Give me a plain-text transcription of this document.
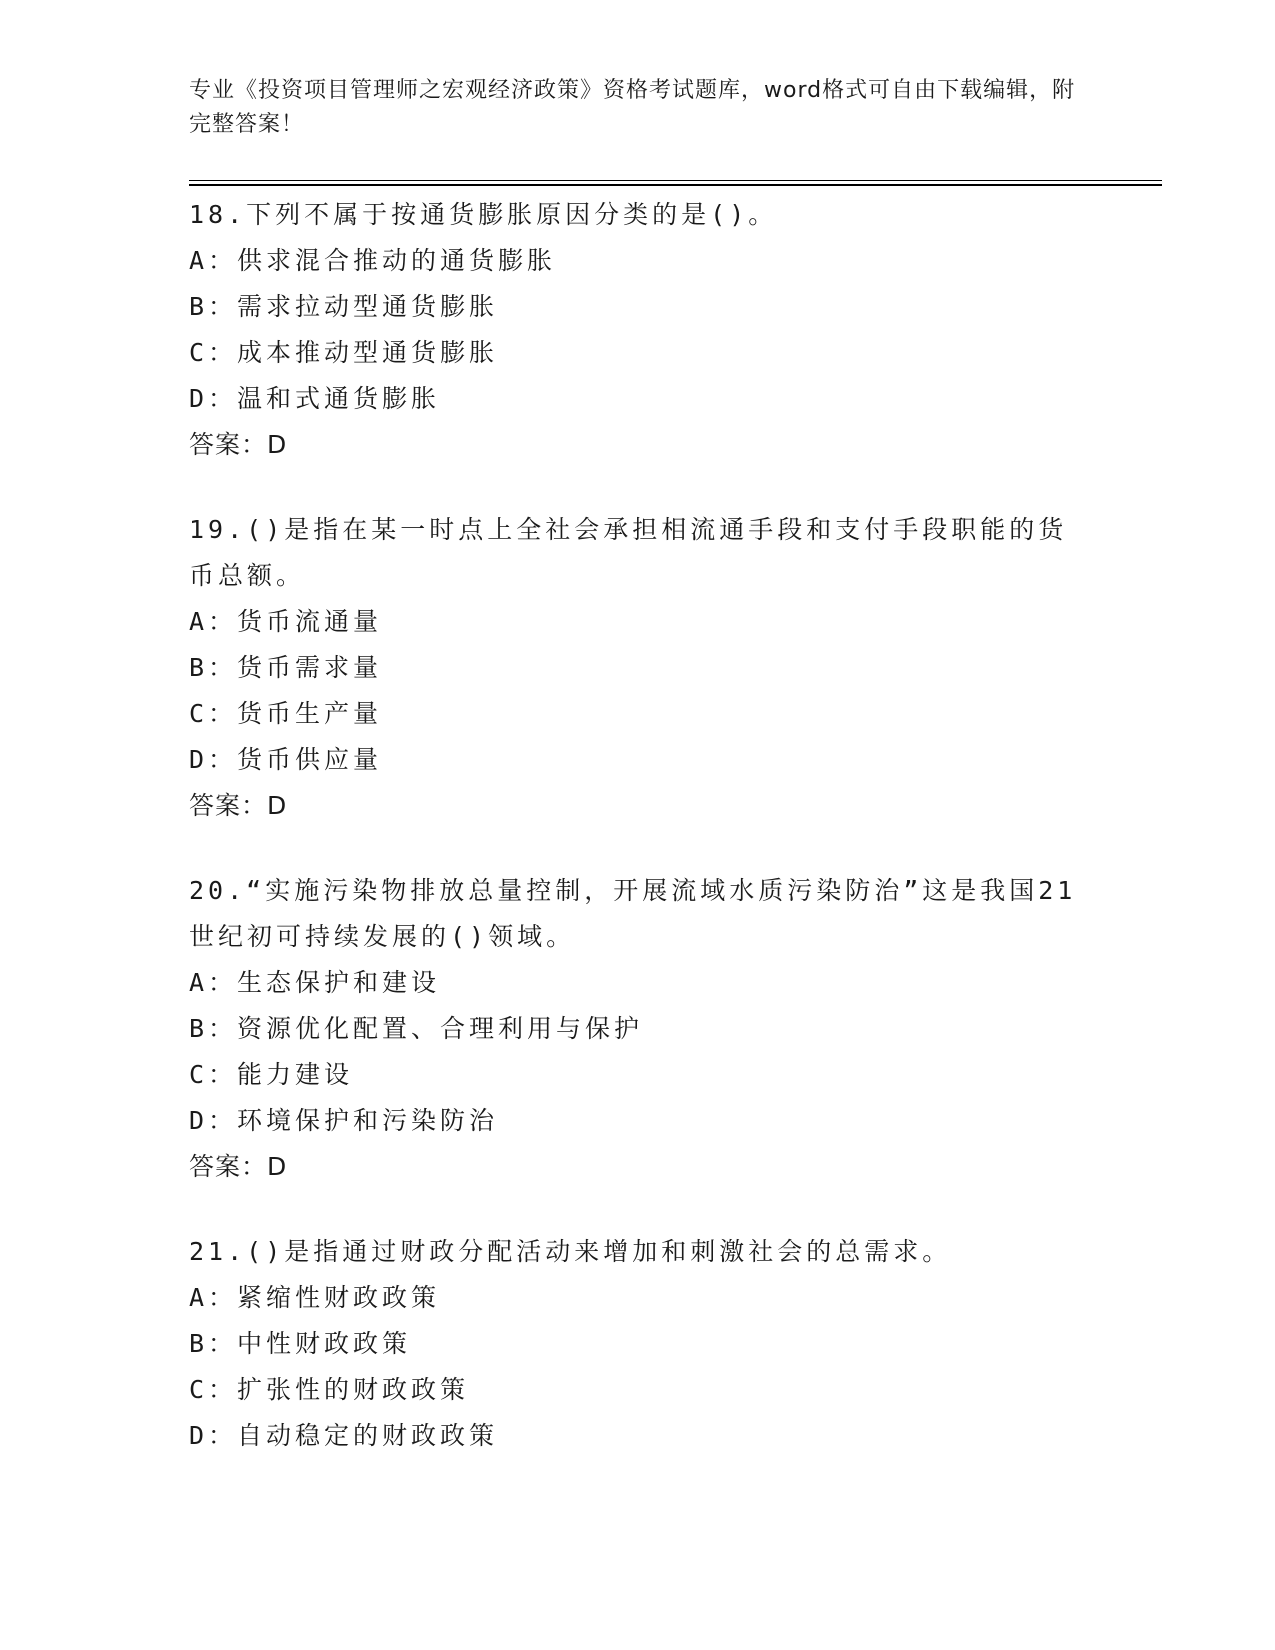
专业《投资项目管理师之宏观经济政策》资格考试题库，word格式可自由下载编辑，附完整答案！

18.下列不属于按通货膨胀原因分类的是()。

A：供求混合推动的通货膨胀

B：需求拉动型通货膨胀

C：成本推动型通货膨胀

D：温和式通货膨胀

答案：D

19.()是指在某一时点上全社会承担相流通手段和支付手段职能的货币总额。

A：货币流通量

B：货币需求量

C：货币生产量

D：货币供应量

答案：D

20.“实施污染物排放总量控制，开展流域水质污染防治”这是我国21世纪初可持续发展的()领域。

A：生态保护和建设

B：资源优化配置、合理利用与保护

C：能力建设

D：环境保护和污染防治

答案：D

21.()是指通过财政分配活动来增加和刺激社会的总需求。

A：紧缩性财政政策

B：中性财政政策

C：扩张性的财政政策

D：自动稳定的财政政策
